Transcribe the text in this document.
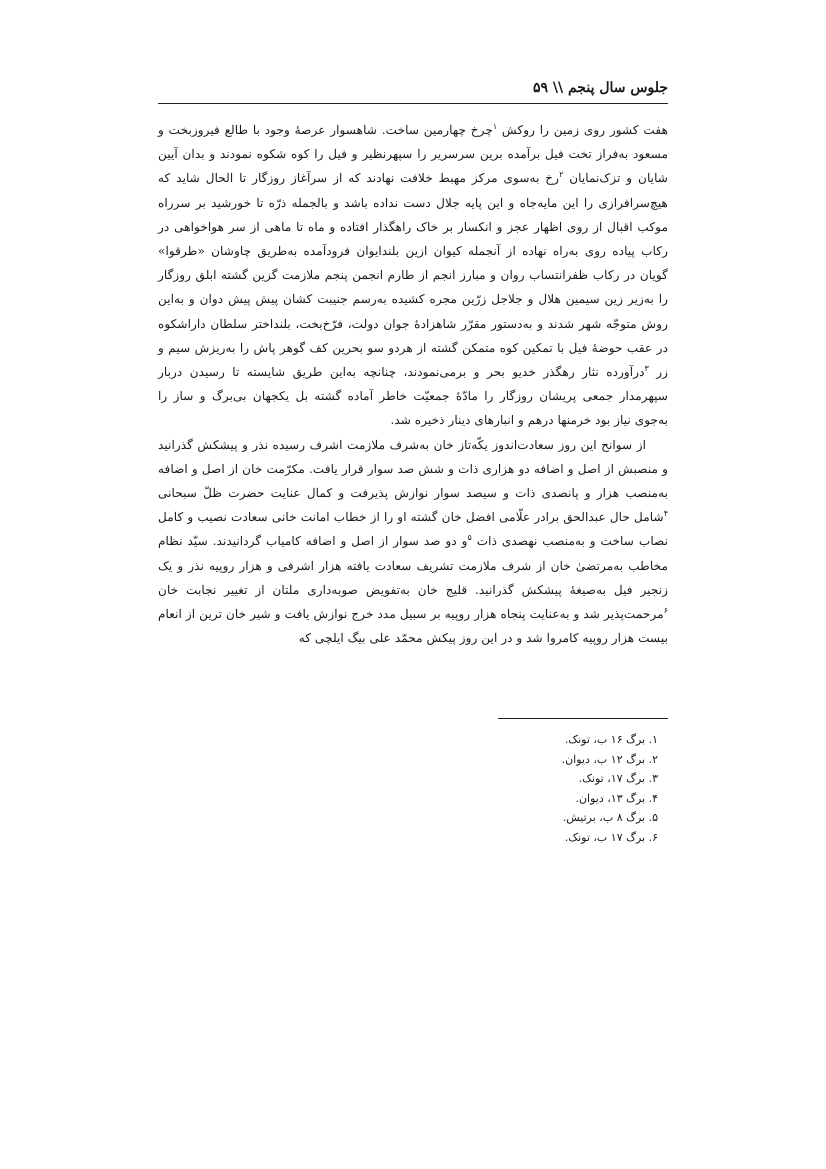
جلوس سال پنجم \\ ۵۹

هفت کشور روی زمین را روکش $^۱$چرخ چهارمین ساخت. شاهسوار عرصهٔ وجود با طالع فیروزبخت و مسعود به‌فراز تخت فیل برآمده برین سرسریر را سپهرنظیر و فیل را کوه شکوه نمودند و بدان آیین شایان و تزک‌نمایان $^۲$رخ به‌سوی مرکز مهبط خلافت نهادند که از سرآغاز روزگار تا الحال شاید که هیچ‌سرافرازی را این مایه‌جاه و این پایه جلال دست نداده باشد و بالجمله ذرّه تا خورشید بر سرراه موکب اقبال از روی اظهار عجز و انکسار بر خاک راهگذار افتاده و ماه تا ماهی از سر هواخواهی در رکاب پیاده روی به‌راه نهاده از آنجمله کیوان ازین بلندایوان فرودآمده به‌طریق چاوشان «طرقوا» گویان در رکاب ظفرانتساب روان و مبارز انجم از طارم انجمن پنجم ملازمت گزین گشته ابلق روزگار را به‌زیر زین سیمین هلال و جلاجل زرّین مجره کشیده به‌رسم جنیبت کشان پیش پیش دوان و به‌این روش متوجّه شهر شدند و به‌دستور مقرّر شاهزادهٔ جوان دولت، فرّخ‌بخت، بلنداختر سلطان داراشکوه در عقب حوضهٔ فیل با تمکین کوه متمکن گشته از هردو سو بحرین کف گوهر پاش را به‌ریزش سیم و زر $^۳$درآورده نثار رهگذر خدیو بحر و برمی‌نمودند، چنانچه به‌این طریق شایسته تا رسیدن دربار سپهرمدار جمعی پریشان روزگار را مادّهٔ جمعیّت خاطر آماده گشته بل یکجهان بی‌برگ و ساز را به‌جوی نیاز بود خرمنها درهم و انبارهای دینار ذخیره شد.

از سوانح این روز سعادت‌اندوز یکّه‌تاز خان به‌شرف ملازمت اشرف رسیده نذر و پیشکش گذرانید و منصبش از اصل و اضافه دو هزاری ذات و شش صد سوار قرار یافت. مکرّمت خان از اصل و اضافه به‌منصب هزار و پانصدی ذات و سیصد سوار نوازش پذیرفت و کمال عنایت حضرت ظلّ سبحانی $^۴$شامل حال عبدالحق برادر علّامی افضل خان گشته او را از خطاب امانت خانی سعادت نصیب و کامل نصاب ساخت و به‌منصب نهصدی ذات $^۵$و دو صد سوار از اصل و اضافه کامیاب گردانیدند. سیّد نظام مخاطب به‌مرتضیٰ خان از شرف ملازمت تشریف سعادت یافته هزار اشرفی و هزار روپیه نذر و یک زنجیر فیل به‌صیغهٔ پیشکش گذرانید. قلیج خان به‌تفویض صوبه‌داری ملتان از تغییر نجابت خان $^۶$مرحمت‌پذیر شد و به‌عنایت پنجاه هزار روپیه بر سبیل مدد خرج نوازش یافت و شیر خان ترین از انعام بیست هزار روپیه کامروا شد و در این روز پیکش محمّد علی بیگ ایلچی که

۱. برگ ۱۶ ب، تونک.
۲. برگ ۱۲ ب، دیوان.
۳. برگ ۱۷، تونک.
۴. برگ ۱۳، دیوان.
۵. برگ ۸ ب، برتیش.
۶. برگ ۱۷ ب، تونک.
